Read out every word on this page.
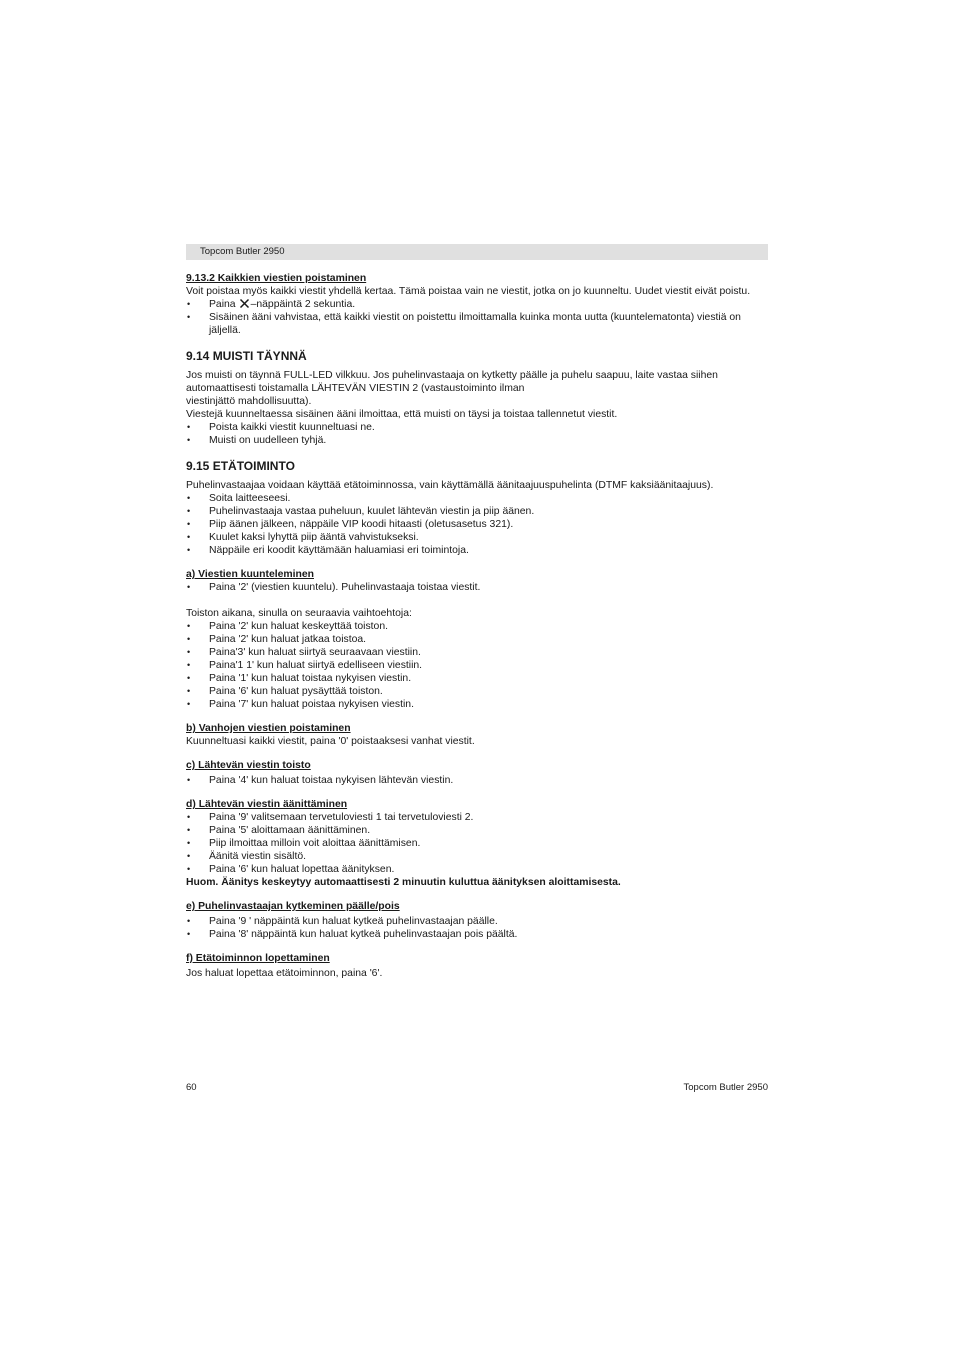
Topcom Butler 2950

9.13.2 Kaikkien viestien poistaminen

Voit poistaa myös kaikki viestit yhdellä kertaa. Tämä poistaa vain ne viestit, jotka on jo kuunneltu. Uudet viestit eivät poistu.

• Paina –näppäintä 2 sekuntia.
• Sisäinen ääni vahvistaa, että kaikki viestit on poistettu ilmoittamalla kuinka monta uutta (kuuntelematonta) viestiä on jäljellä.

9.14 MUISTI TÄYNNÄ

Jos muisti on täynnä FULL-LED vilkkuu. Jos puhelinvastaaja on kytketty päälle ja puhelu saapuu, laite vastaa siihen automaattisesti toistamalla LÄHTEVÄN VIESTIN 2 (vastaustoiminto ilman

viestinjättö mahdollisuutta).

Viestejä kuunneltaessa sisäinen ääni ilmoittaa, että muisti on täysi ja toistaa tallennetut viestit.

• Poista kaikki viestit kuunneltuasi ne.
• Muisti on uudelleen tyhjä.

9.15 ETÄTOIMINTO

Puhelinvastaajaa voidaan käyttää etätoiminnossa, vain käyttämällä äänitaajuuspuhelinta (DTMF kaksiäänitaajuus).

• Soita laitteeseesi.
• Puhelinvastaaja vastaa puheluun, kuulet lähtevän viestin ja piip äänen.
• Piip äänen jälkeen, näppäile VIP koodi hitaasti (oletusasetus 321).
• Kuulet kaksi lyhyttä piip ääntä vahvistukseksi.
• Näppäile eri koodit käyttämään haluamiasi eri toimintoja.

a) Viestien kuunteleminen

• Paina '2' (viestien kuuntelu). Puhelinvastaaja toistaa viestit.

Toiston aikana, sinulla on seuraavia vaihtoehtoja:

• Paina '2' kun haluat keskeyttää toiston.
• Paina '2' kun haluat jatkaa toistoa.
• Paina'3' kun haluat siirtyä seuraavaan viestiin.
• Paina'1 1' kun haluat siirtyä edelliseen viestiin.
• Paina '1' kun haluat toistaa nykyisen viestin.
• Paina '6' kun haluat pysäyttää toiston.
• Paina '7' kun haluat poistaa nykyisen viestin.

b) Vanhojen viestien poistaminen

Kuunneltuasi kaikki viestit, paina '0' poistaaksesi vanhat viestit.

c) Lähtevän viestin toisto

• Paina '4' kun haluat toistaa nykyisen lähtevän viestin.

d) Lähtevän viestin äänittäminen

• Paina '9' valitsemaan tervetuloviesti 1 tai tervetuloviesti 2.
• Paina '5' aloittamaan äänittäminen.
• Piip ilmoittaa milloin voit aloittaa äänittämisen.
• Äänitä viestin sisältö.
• Paina '6' kun haluat lopettaa äänityksen.

Huom. Äänitys keskeytyy automaattisesti 2 minuutin kuluttua äänityksen aloittamisesta.

e) Puhelinvastaajan kytkeminen päälle/pois

• Paina '9 ' näppäintä kun haluat kytkeä puhelinvastaajan päälle.
• Paina '8' näppäintä kun haluat kytkeä puhelinvastaajan pois päältä.

f) Etätoiminnon lopettaminen

Jos haluat lopettaa etätoiminnon, paina '6'.

60	Topcom Butler 2950
